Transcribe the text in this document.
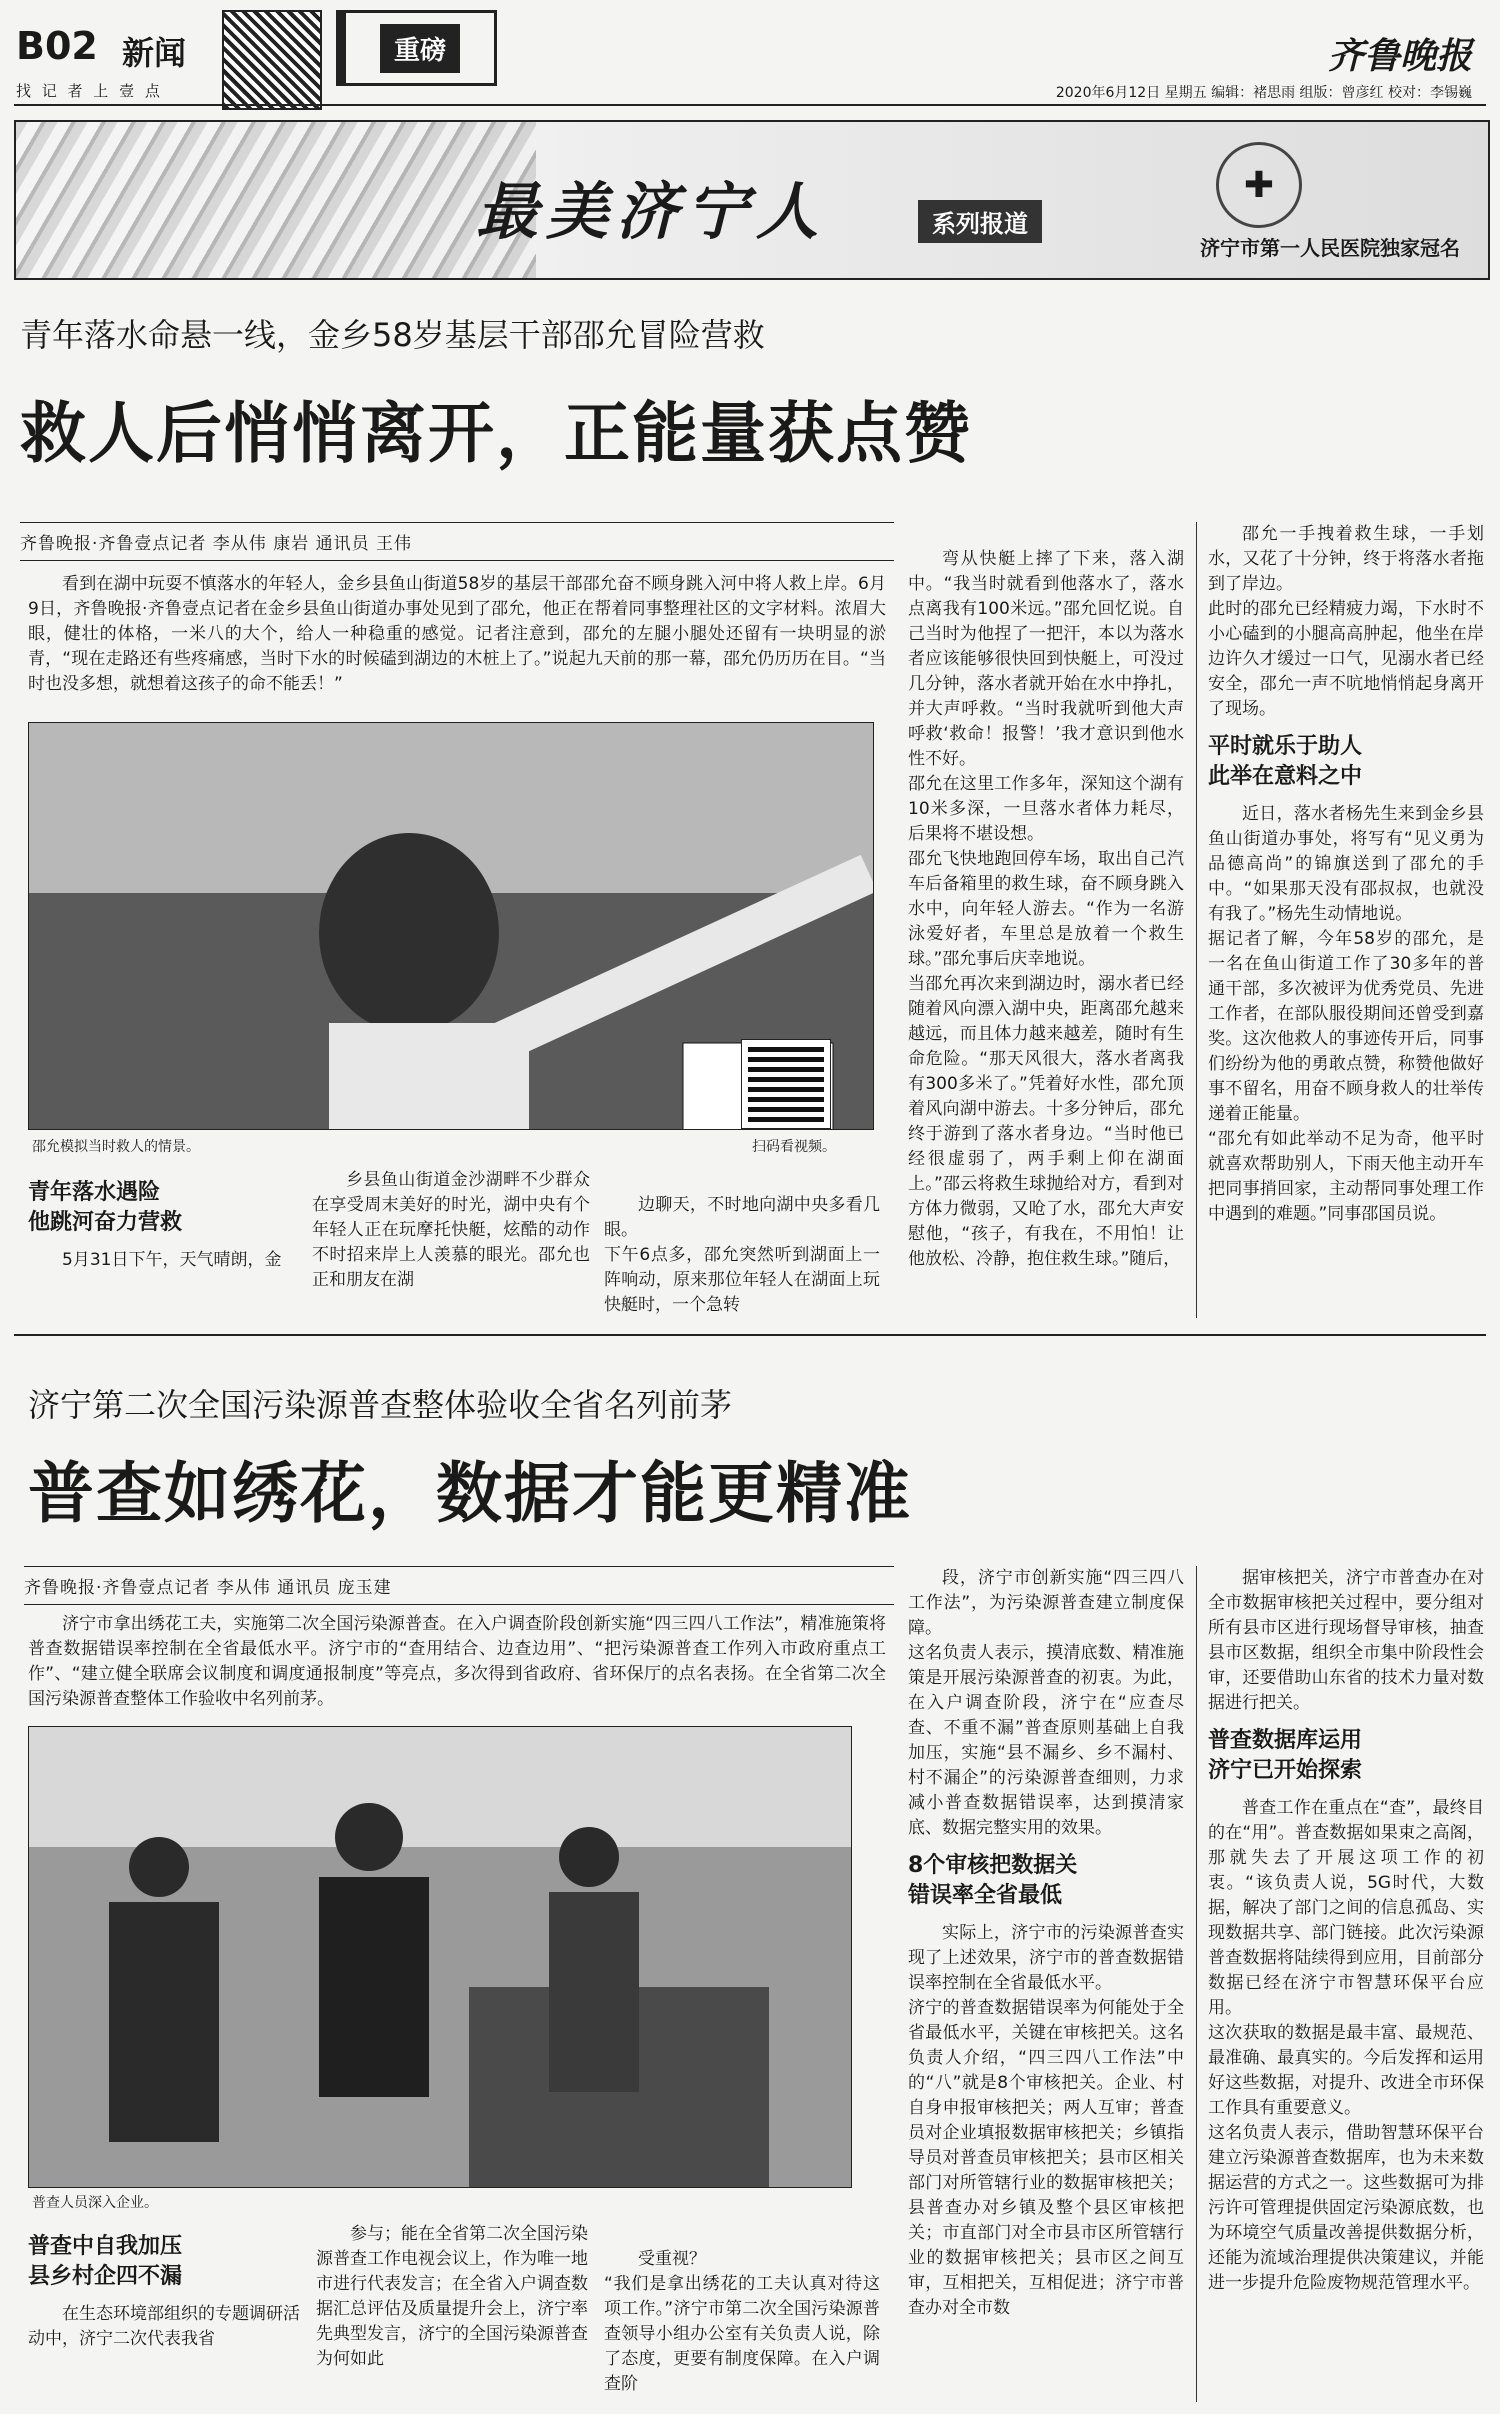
B02 新闻
找 记 者 上 壹 点
重磅	齐鲁晚报
2020年6月12日 星期五 编辑：褚思雨 组版：曾彦红 校对：李锡巍
最美济宁人	✚
系列报道
济宁市第一人民医院独家冠名
青年落水命悬一线，金乡58岁基层干部邵允冒险营救
救人后悄悄离开，正能量获点赞
齐鲁晚报·齐鲁壹点记者 李从伟 康岩 通讯员 王伟
看到在湖中玩耍不慎落水的年轻人，金乡县鱼山街道58岁的基层干部邵允奋不顾身跳入河中将人救上岸。6月9日，齐鲁晚报·齐鲁壹点记者在金乡县鱼山街道办事处见到了邵允，他正在帮着同事整理社区的文字材料。浓眉大眼，健壮的体格，一米八的大个，给人一种稳重的感觉。记者注意到，邵允的左腿小腿处还留有一块明显的淤青，“现在走路还有些疼痛感，当时下水的时候磕到湖边的木桩上了。”说起九天前的那一幕，邵允仍历历在目。“当时也没多想，就想着这孩子的命不能丢！”
邵允模拟当时救人的情景。	扫码看视频。
青年落水遇险
他跳河奋力营救

5月31日下午，天气晴朗，金

乡县鱼山街道金沙湖畔不少群众在享受周末美好的时光，湖中央有个年轻人正在玩摩托快艇，炫酷的动作不时招来岸上人羡慕的眼光。邵允也正和朋友在湖

边聊天，不时地向湖中央多看几眼。
下午6点多，邵允突然听到湖面上一阵响动，原来那位年轻人在湖面上玩快艇时，一个急转

弯从快艇上摔了下来，落入湖中。“我当时就看到他落水了，落水点离我有100米远。”邵允回忆说。自己当时为他捏了一把汗，本以为落水者应该能够很快回到快艇上，可没过几分钟，落水者就开始在水中挣扎，并大声呼救。“当时我就听到他大声呼救‘救命！报警！’我才意识到他水性不好。
邵允在这里工作多年，深知这个湖有10米多深，一旦落水者体力耗尽，后果将不堪设想。
邵允飞快地跑回停车场，取出自己汽车后备箱里的救生球，奋不顾身跳入水中，向年轻人游去。“作为一名游泳爱好者，车里总是放着一个救生球。”邵允事后庆幸地说。
当邵允再次来到湖边时，溺水者已经随着风向漂入湖中央，距离邵允越来越远，而且体力越来越差，随时有生命危险。“那天风很大，落水者离我有300多米了。”凭着好水性，邵允顶着风向湖中游去。十多分钟后，邵允终于游到了落水者身边。“当时他已经很虚弱了，两手剩上仰在湖面上。”邵云将救生球抛给对方，看到对方体力微弱，又呛了水，邵允大声安慰他，“孩子，有我在，不用怕！让他放松、冷静，抱住救生球。”随后，

邵允一手拽着救生球，一手划水，又花了十分钟，终于将落水者拖到了岸边。
此时的邵允已经精疲力竭，下水时不小心磕到的小腿高高肿起，他坐在岸边许久才缓过一口气，见溺水者已经安全，邵允一声不吭地悄悄起身离开了现场。

平时就乐于助人
此举在意料之中

近日，落水者杨先生来到金乡县鱼山街道办事处，将写有“见义勇为 品德高尚”的锦旗送到了邵允的手中。“如果那天没有邵叔叔，也就没有我了。”杨先生动情地说。
据记者了解，今年58岁的邵允，是一名在鱼山街道工作了30多年的普通干部，多次被评为优秀党员、先进工作者，在部队服役期间还曾受到嘉奖。这次他救人的事迹传开后，同事们纷纷为他的勇敢点赞，称赞他做好事不留名，用奋不顾身救人的壮举传递着正能量。
“邵允有如此举动不足为奇，他平时就喜欢帮助别人，下雨天他主动开车把同事捎回家，主动帮同事处理工作中遇到的难题。”同事邵国员说。

济宁第二次全国污染源普查整体验收全省名列前茅
普查如绣花，数据才能更精准
齐鲁晚报·齐鲁壹点记者 李从伟 通讯员 庞玉建
济宁市拿出绣花工夫，实施第二次全国污染源普查。在入户调查阶段创新实施“四三四八工作法”，精准施策将普查数据错误率控制在全省最低水平。济宁市的“查用结合、边查边用”、“把污染源普查工作列入市政府重点工作”、“建立健全联席会议制度和调度通报制度”等亮点，多次得到省政府、省环保厅的点名表扬。在全省第二次全国污染源普查整体工作验收中名列前茅。
普查人员深入企业。
普查中自我加压
县乡村企四不漏

在生态环境部组织的专题调研活动中，济宁二次代表我省

参与；能在全省第二次全国污染源普查工作电视会议上，作为唯一地市进行代表发言；在全省入户调查数据汇总评估及质量提升会上，济宁率先典型发言，济宁的全国污染源普查为何如此

受重视？
“我们是拿出绣花的工夫认真对待这项工作。”济宁市第二次全国污染源普查领导小组办公室有关负责人说，除了态度，更要有制度保障。在入户调查阶

段，济宁市创新实施“四三四八工作法”，为污染源普查建立制度保障。
这名负责人表示，摸清底数、精准施策是开展污染源普查的初衷。为此，在入户调查阶段，济宁在“应查尽查、不重不漏”普查原则基础上自我加压，实施“县不漏乡、乡不漏村、村不漏企”的污染源普查细则，力求减小普查数据错误率，达到摸清家底、数据完整实用的效果。

8个审核把数据关
错误率全省最低

实际上，济宁市的污染源普查实现了上述效果，济宁市的普查数据错误率控制在全省最低水平。
济宁的普查数据错误率为何能处于全省最低水平，关键在审核把关。这名负责人介绍，“四三四八工作法”中的“八”就是8个审核把关。企业、村自身申报审核把关；两人互审；普查员对企业填报数据审核把关；乡镇指导员对普查员审核把关；县市区相关部门对所管辖行业的数据审核把关；县普查办对乡镇及整个县区审核把关；市直部门对全市县市区所管辖行业的数据审核把关；县市区之间互审，互相把关，互相促进；济宁市普查办对全市数

据审核把关，济宁市普查办在对全市数据审核把关过程中，要分组对所有县市区进行现场督导审核，抽查县市区数据，组织全市集中阶段性会审，还要借助山东省的技术力量对数据进行把关。

普查数据库运用
济宁已开始探索

普查工作在重点在“查”，最终目的在“用”。普查数据如果束之高阁，那就失去了开展这项工作的初衷。“该负责人说，5G时代，大数据，解决了部门之间的信息孤岛、实现数据共享、部门链接。此次污染源普查数据将陆续得到应用，目前部分数据已经在济宁市智慧环保平台应用。
这次获取的数据是最丰富、最规范、最准确、最真实的。今后发挥和运用好这些数据，对提升、改进全市环保工作具有重要意义。
这名负责人表示，借助智慧环保平台建立污染源普查数据库，也为未来数据运营的方式之一。这些数据可为排污许可管理提供固定污染源底数，也为环境空气质量改善提供数据分析，还能为流域治理提供决策建议，并能进一步提升危险废物规范管理水平。
